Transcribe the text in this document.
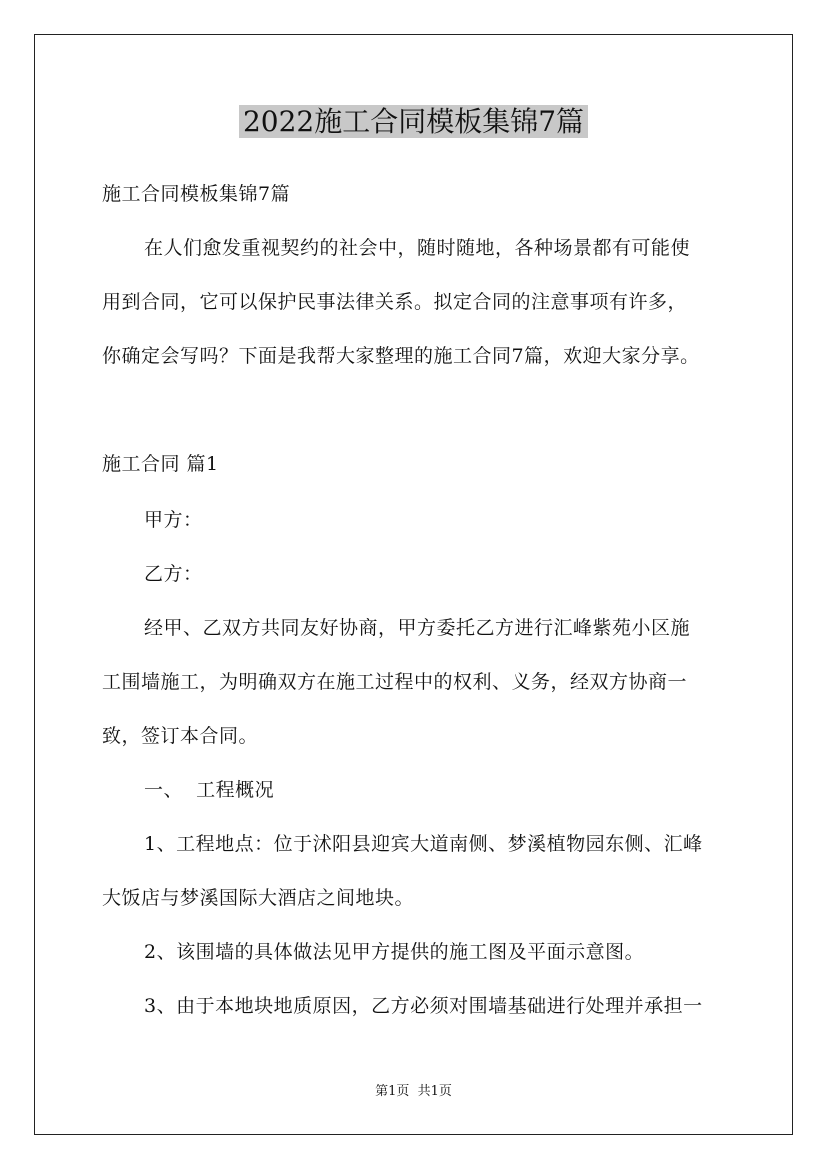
2022施工合同模板集锦7篇
施工合同模板集锦7篇
在人们愈发重视契约的社会中，随时随地，各种场景都有可能使
用到合同，它可以保护民事法律关系。拟定合同的注意事项有许多，
你确定会写吗？下面是我帮大家整理的施工合同7篇，欢迎大家分享。
施工合同 篇1
甲方：
乙方：
经甲、乙双方共同友好协商，甲方委托乙方进行汇峰紫苑小区施
工围墙施工，为明确双方在施工过程中的权利、义务，经双方协商一
致，签订本合同。
一、  工程概况
1、工程地点：位于沭阳县迎宾大道南侧、梦溪植物园东侧、汇峰
大饭店与梦溪国际大酒店之间地块。
2、该围墙的具体做法见甲方提供的施工图及平面示意图。
3、由于本地块地质原因，乙方必须对围墙基础进行处理并承担一
第1页  共1页
